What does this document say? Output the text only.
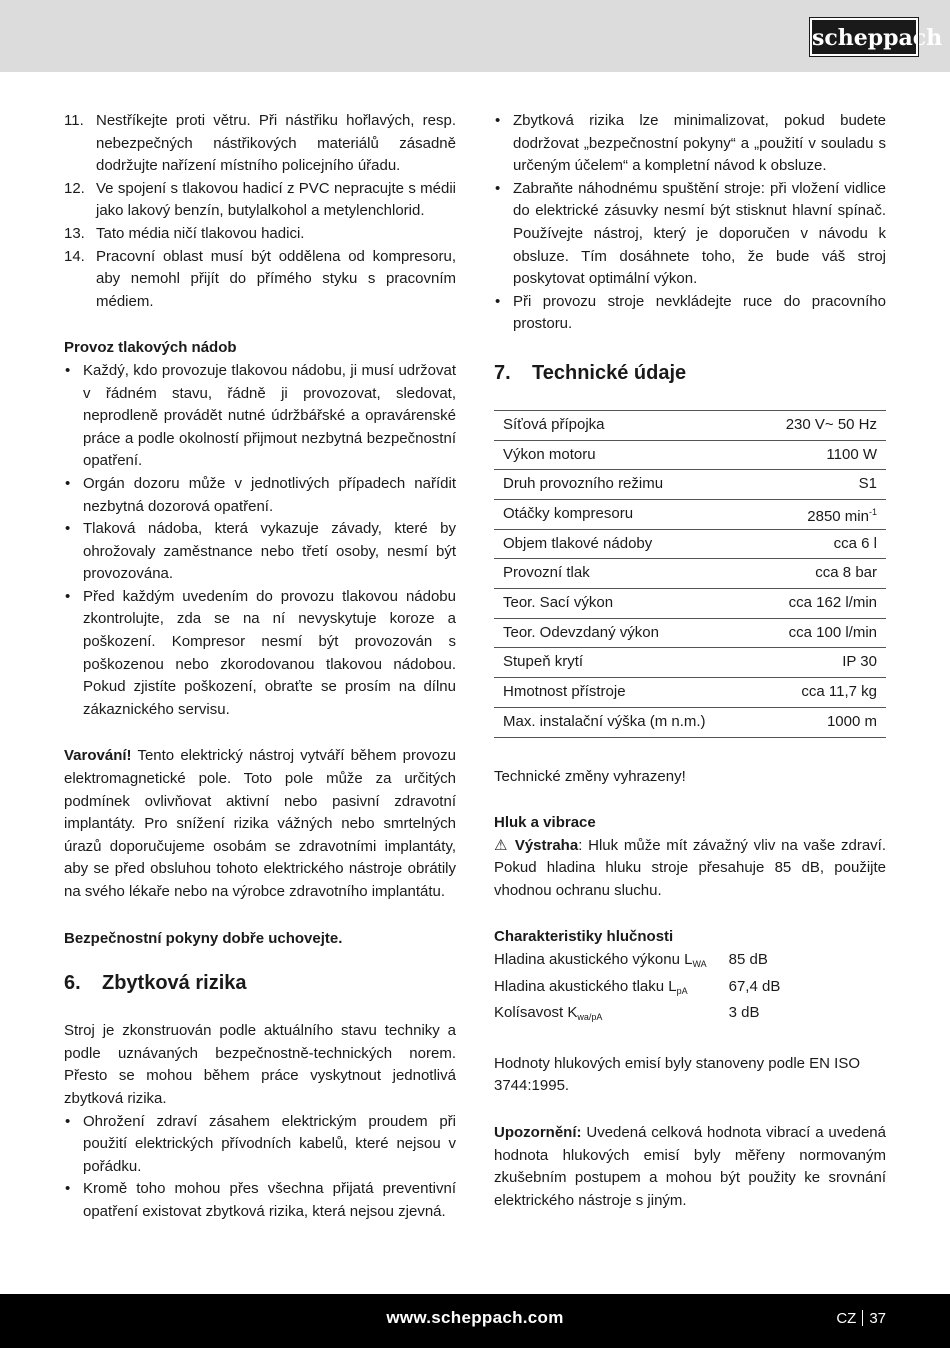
scheppach
11. Nestříkejte proti větru. Při nástřiku hořlavých, resp. nebezpečných nástřikových materiálů zásadně dodržujte nařízení místního policejního úřadu.
12. Ve spojení s tlakovou hadicí z PVC nepracujte s médii jako lakový benzín, butylalkohol a metylenchlorid.
13. Tato média ničí tlakovou hadici.
14. Pracovní oblast musí být oddělena od kompresoru, aby nemohl přijít do přímého styku s pracovním médiem.
Provoz tlakových nádob
• Každý, kdo provozuje tlakovou nádobu, ji musí udržovat v řádném stavu, řádně ji provozovat, sledovat, neprodleně provádět nutné údržbářské a opravárenské práce a podle okolností přijmout nezbytná bezpečnostní opatření.
• Orgán dozoru může v jednotlivých případech nařídit nezbytná dozorová opatření.
• Tlaková nádoba, která vykazuje závady, které by ohrožovaly zaměstnance nebo třetí osoby, nesmí být provozována.
• Před každým uvedením do provozu tlakovou nádobu zkontrolujte, zda se na ní nevyskytuje koroze a poškození. Kompresor nesmí být provozován s poškozenou nebo zkorodovanou tlakovou nádobou. Pokud zjistíte poškození, obraťte se prosím na dílnu zákaznického servisu.

Varování! Tento elektrický nástroj vytváří během provozu elektromagnetické pole. Toto pole může za určitých podmínek ovlivňovat aktivní nebo pasivní zdravotní implantáty. Pro snížení rizika vážných nebo smrtelných úrazů doporučujeme osobám se zdravotními implantáty, aby se před obsluhou tohoto elektrického nástroje obrátily na svého lékaře nebo na výrobce zdravotního implantátu.

Bezpečnostní pokyny dobře uchovejte.

6.	Zbytková rizika

Stroj je zkonstruován podle aktuálního stavu techniky a podle uznávaných bezpečnostně-technických norem. Přesto se mohou během práce vyskytnout jednotlivá zbytková rizika.

• Ohrožení zdraví zásahem elektrickým proudem při použití elektrických přívodních kabelů, které nejsou v pořádku.
• Kromě toho mohou přes všechna přijatá preventivní opatření existovat zbytková rizika, která nejsou zjevná.
• Zbytková rizika lze minimalizovat, pokud budete dodržovat „bezpečnostní pokyny“ a „použití v souladu s určeným účelem“ a kompletní návod k obsluze.
• Zabraňte náhodnému spuštění stroje: při vložení vidlice do elektrické zásuvky nesmí být stisknut hlavní spínač. Používejte nástroj, který je doporučen v návodu k obsluze. Tím dosáhnete toho, že bude váš stroj poskytovat optimální výkon.
• Při provozu stroje nevkládejte ruce do pracovního prostoru.
7.	Technické údaje
Síťová přípojka	230 V~ 50 Hz
Výkon motoru	1100 W
Druh provozního režimu	S1
Otáčky kompresoru	2850 $\min^{-1}$
Objem tlakové nádoby	cca 6 l
Provozní tlak	cca 8 bar
Teor. Sací výkon	cca 162 l/min
Teor. Odevzdaný výkon	cca 100 l/min
Stupeň krytí	IP 30
Hmotnost přístroje	cca 11,7 kg
Max. instalační výška (m n.m.)	1000 m

Technické změny vyhrazeny!

Hluk a vibrace

⚠ Výstraha: Hluk může mít závažný vliv na vaše zdraví. Pokud hladina hluku stroje přesahuje 85 dB, použijte vhodnou ochranu sluchu.

Charakteristiky hlučnosti

Hladina akustického výkonu $L_{WA}$	85 dB
Hladina akustického tlaku $L_{pA}$	67,4 dB
Kolísavost $K_{wa/pA}$	3 dB

Hodnoty hlukových emisí byly stanoveny podle EN ISO 3744:1995.

Upozornění: Uvedená celková hodnota vibrací a uvedená hodnota hlukových emisí byly měřeny normovaným zkušebním postupem a mohou být použity ke srovnání elektrického nástroje s jiným.

www.scheppach.com	CZ 37
